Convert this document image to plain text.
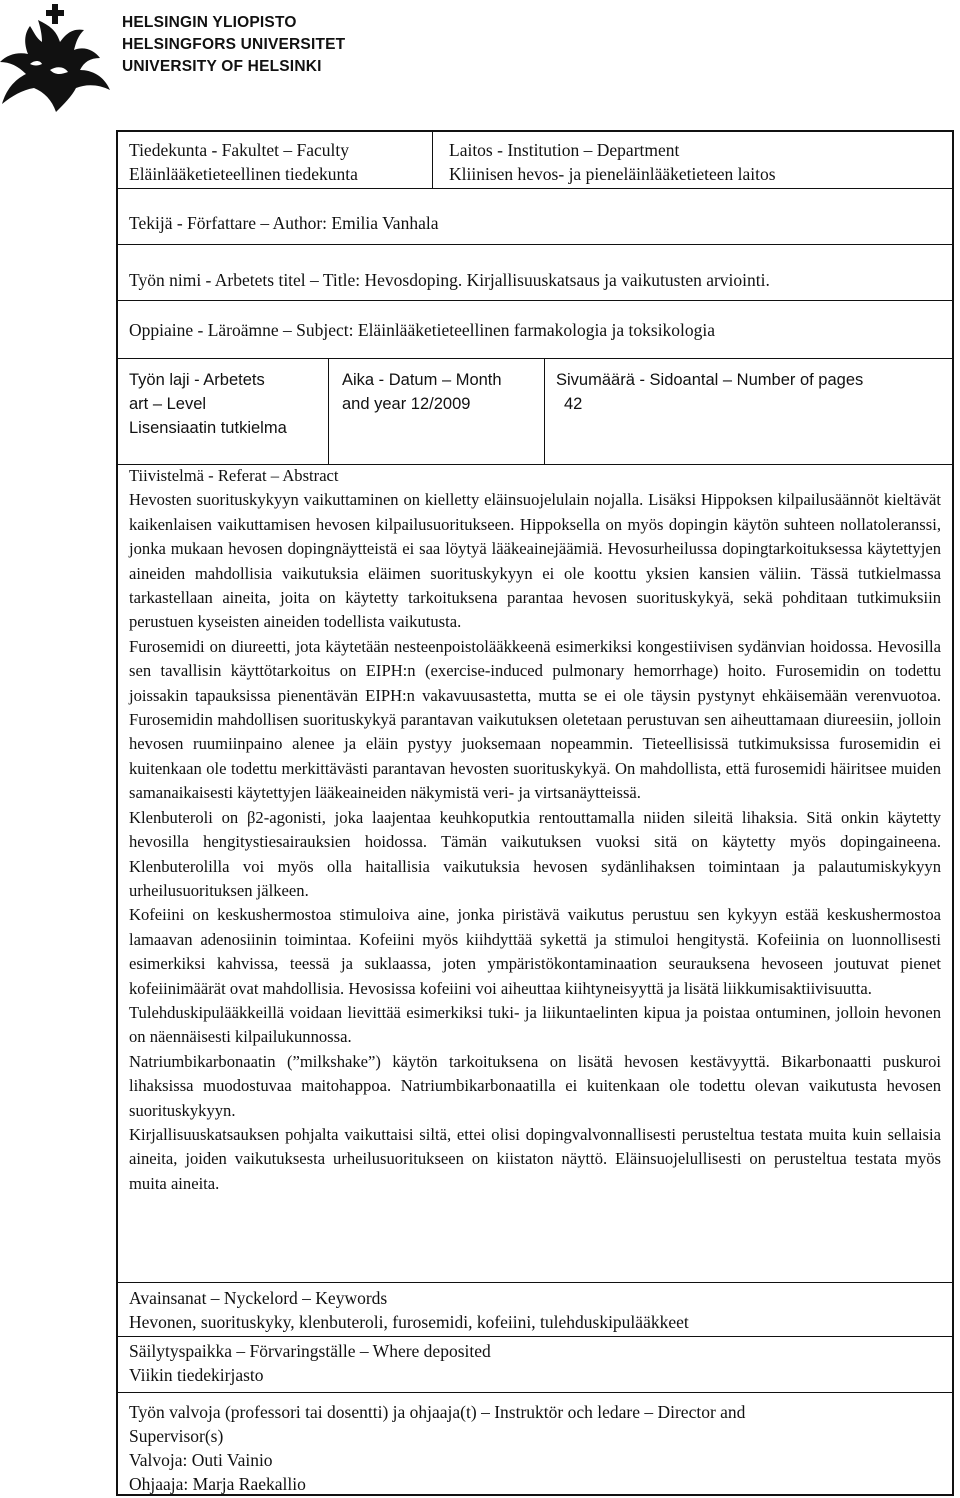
HELSINGIN YLIOPISTO
HELSINGFORS UNIVERSITET
UNIVERSITY OF HELSINKI
Tiedekunta - Fakultet – Faculty
Eläinlääketieteellinen tiedekunta
Laitos - Institution – Department
Kliinisen hevos- ja pieneläinlääketieteen laitos
Tekijä - Författare – Author: Emilia Vanhala
Työn nimi - Arbetets titel – Title: Hevosdoping. Kirjallisuuskatsaus ja vaikutusten arviointi.
Oppiaine - Läroämne – Subject: Eläinlääketieteellinen farmakologia ja toksikologia
Työn laji - Arbetets
art – Level
Lisensiaatin tutkielma
Aika - Datum – Month
and year 12/2009
Sivumäärä - Sidoantal – Number of pages
42

Tiivistelmä - Referat – Abstract

Hevosten suorituskykyyn vaikuttaminen on kielletty eläinsuojelulain nojalla. Lisäksi Hippoksen kilpailusäännöt kieltävät kaikenlaisen vaikuttamisen hevosen kilpailusuoritukseen. Hippoksella on myös dopingin käytön suhteen nollatoleranssi, jonka mukaan hevosen dopingnäytteistä ei saa löytyä lääkeainejäämiä. Hevosurheilussa dopingtarkoituksessa käytettyjen aineiden mahdollisia vaikutuksia eläimen suorituskykyyn ei ole koottu yksien kansien väliin. Tässä tutkielmassa tarkastellaan aineita, joita on käytetty tarkoituksena parantaa hevosen suorituskykyä, sekä pohditaan tutkimuksiin perustuen kyseisten aineiden todellista vaikutusta.

Furosemidi on diureetti, jota käytetään nesteenpoistolääkkeenä esimerkiksi kongestiivisen sydänvian hoidossa. Hevosilla sen tavallisin käyttötarkoitus on EIPH:n (exercise-induced pulmonary hemorrhage) hoito. Furosemidin on todettu joissakin tapauksissa pienentävän EIPH:n vakavuusastetta, mutta se ei ole täysin pystynyt ehkäisemään verenvuotoa. Furosemidin mahdollisen suorituskykyä parantavan vaikutuksen oletetaan perustuvan sen aiheuttamaan diureesiin, jolloin hevosen ruumiinpaino alenee ja eläin pystyy juoksemaan nopeammin. Tieteellisissä tutkimuksissa furosemidin ei kuitenkaan ole todettu merkittävästi parantavan hevosten suorituskykyä. On mahdollista, että furosemidi häiritsee muiden samanaikaisesti käytettyjen lääkeaineiden näkymistä veri- ja virtsanäytteissä.

Klenbuteroli on β2-agonisti, joka laajentaa keuhkoputkia rentouttamalla niiden sileitä lihaksia. Sitä onkin käytetty hevosilla hengitystiesairauksien hoidossa. Tämän vaikutuksen vuoksi sitä on käytetty myös dopingaineena. Klenbuterolilla voi myös olla haitallisia vaikutuksia hevosen sydänlihaksen toimintaan ja palautumiskykyyn urheilusuorituksen jälkeen.

Kofeiini on keskushermostoa stimuloiva aine, jonka piristävä vaikutus perustuu sen kykyyn estää keskushermostoa lamaavan adenosiinin toimintaa. Kofeiini myös kiihdyttää sykettä ja stimuloi hengitystä. Kofeiinia on luonnollisesti esimerkiksi kahvissa, teessä ja suklaassa, joten ympäristökontaminaation seurauksena hevoseen joutuvat pienet kofeiinimäärät ovat mahdollisia. Hevosissa kofeiini voi aiheuttaa kiihtyneisyyttä ja lisätä liikkumisaktiivisuutta.

Tulehduskipulääkkeillä voidaan lievittää esimerkiksi tuki- ja liikuntaelinten kipua ja poistaa ontuminen, jolloin hevonen on näennäisesti kilpailukunnossa.

Natriumbikarbonaatin (”milkshake”) käytön tarkoituksena on lisätä hevosen kestävyyttä. Bikarbonaatti puskuroi lihaksissa muodostuvaa maitohappoa. Natriumbikarbonaatilla ei kuitenkaan ole todettu olevan vaikutusta hevosen suorituskykyyn.

Kirjallisuuskatsauksen pohjalta vaikuttaisi siltä, ettei olisi dopingvalvonnallisesti perusteltua testata muita kuin sellaisia aineita, joiden vaikutuksesta urheilusuoritukseen on kiistaton näyttö. Eläinsuojelullisesti on perusteltua testata myös muita aineita.

Avainsanat – Nyckelord – Keywords
Hevonen, suorituskyky, klenbuteroli, furosemidi, kofeiini, tulehduskipulääkkeet
Säilytyspaikka – Förvaringställe – Where deposited
Viikin tiedekirjasto
Työn valvoja (professori tai dosentti) ja ohjaaja(t) – Instruktör och ledare – Director and
Supervisor(s)
Valvoja: Outi Vainio
Ohjaaja: Marja Raekallio
